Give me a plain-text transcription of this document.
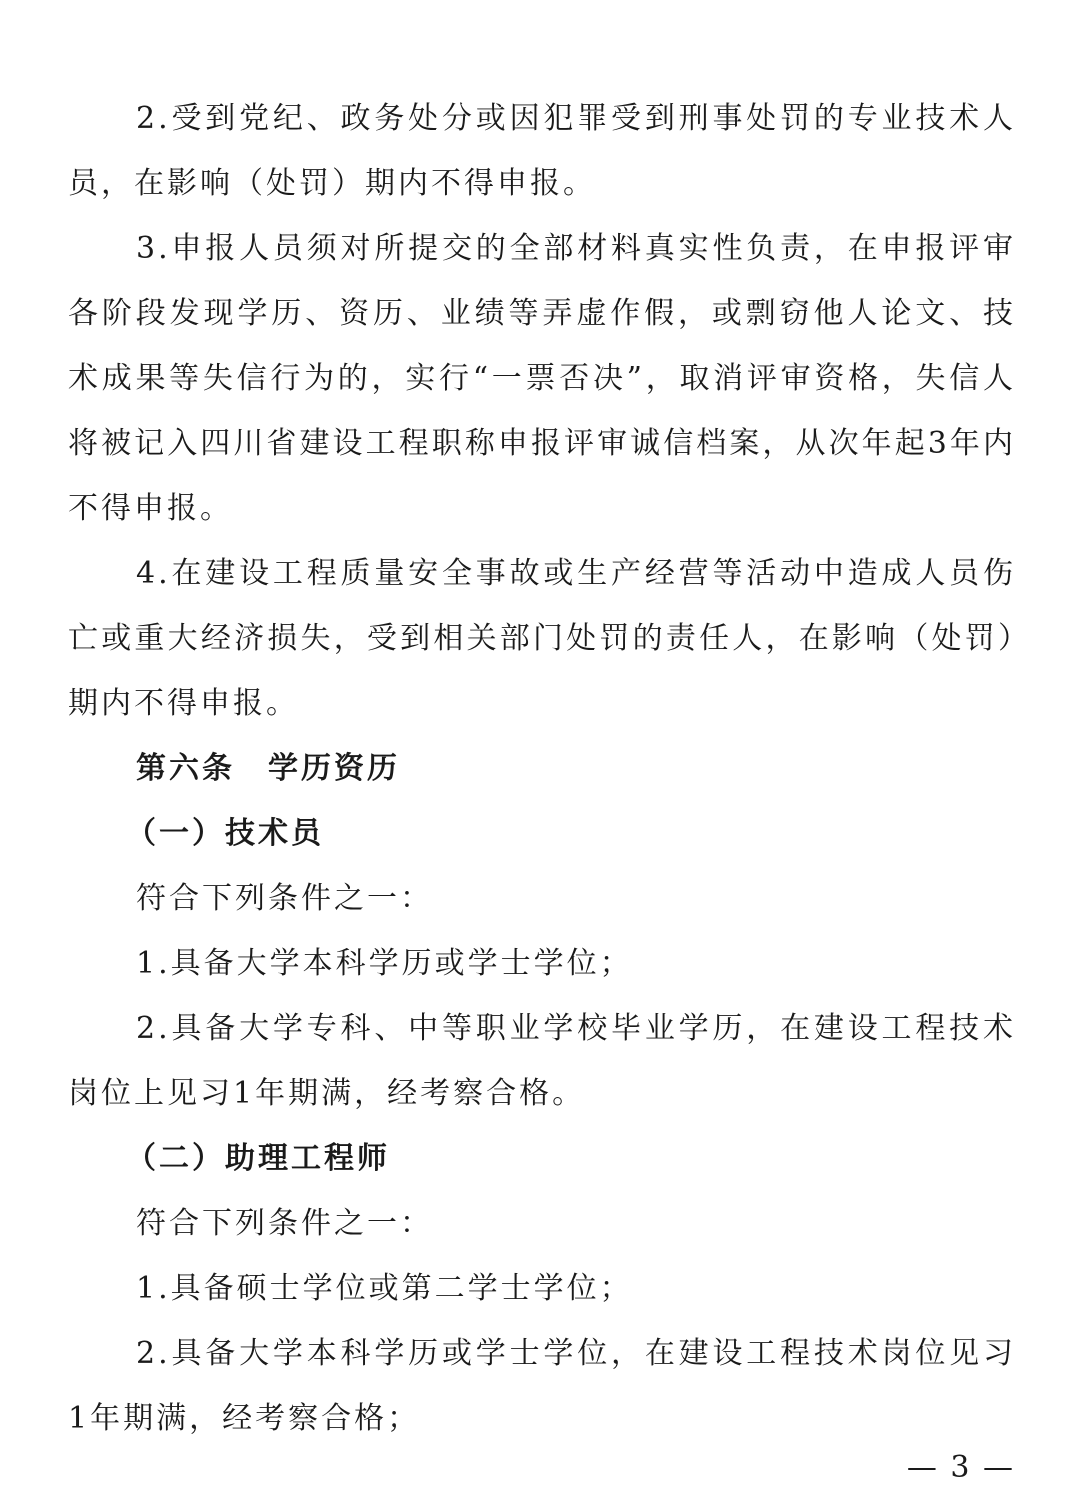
2.受到党纪、政务处分或因犯罪受到刑事处罚的专业技术人员，在影响（处罚）期内不得申报。

3.申报人员须对所提交的全部材料真实性负责，在申报评审各阶段发现学历、资历、业绩等弄虚作假，或剽窃他人论文、技术成果等失信行为的，实行“一票否决”，取消评审资格，失信人将被记入四川省建设工程职称申报评审诚信档案，从次年起3年内不得申报。

4.在建设工程质量安全事故或生产经营等活动中造成人员伤亡或重大经济损失，受到相关部门处罚的责任人，在影响（处罚）期内不得申报。

第六条　学历资历

（一）技术员

符合下列条件之一：

1.具备大学本科学历或学士学位；

2.具备大学专科、中等职业学校毕业学历，在建设工程技术岗位上见习1年期满，经考察合格。

（二）助理工程师

符合下列条件之一：

1.具备硕士学位或第二学士学位；

2.具备大学本科学历或学士学位，在建设工程技术岗位见习1年期满，经考察合格；

— 3 —
